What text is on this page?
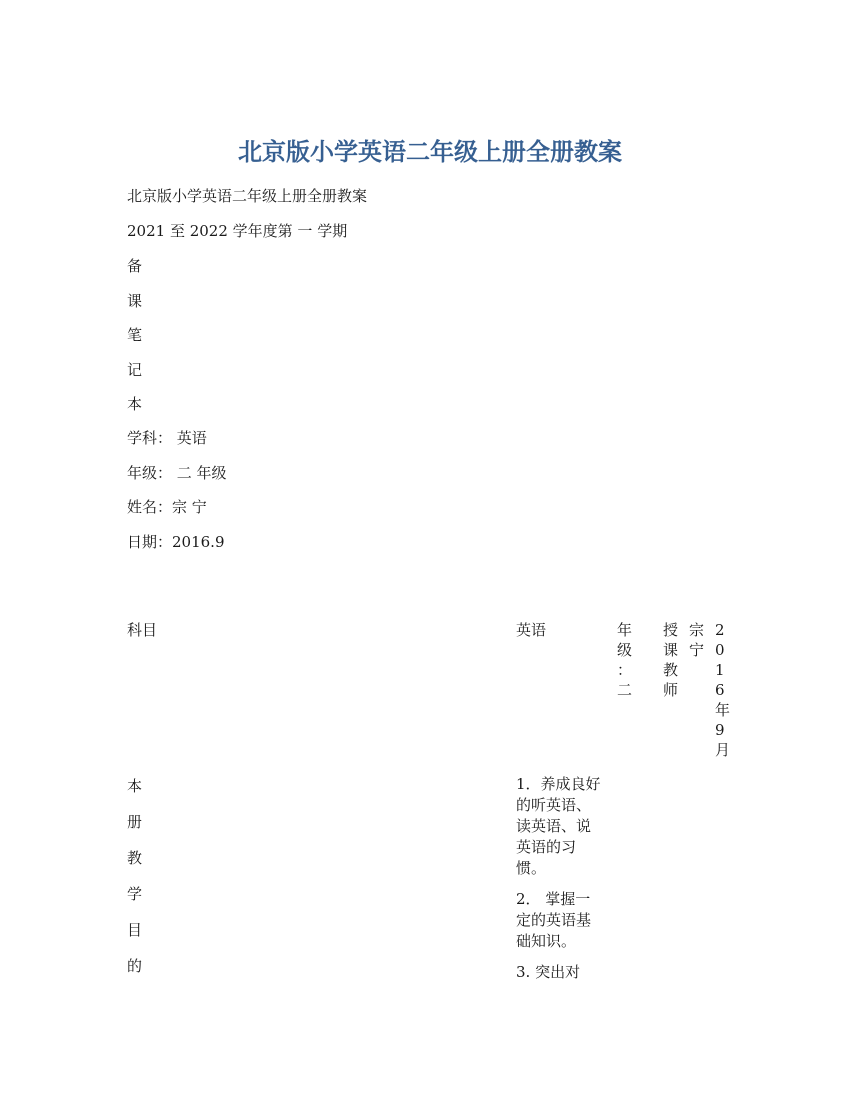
北京版小学英语二年级上册全册教案

北京版小学英语二年级上册全册教案

2021 至 2022 学年度第 一 学期

备

课

笔

记

本

学科： 英语

年级： 二 年级

姓名：宗 宁

日期：2016.9

科目	英语	年
级
：
二
授
课
教
师
宗
宁
2
0
1
6
年
9
月
本
册
教
学
目
的

1．养成良好的听英语、读英语、说英语的习惯。

2． 掌握一定的英语基础知识。

3. 突出对
